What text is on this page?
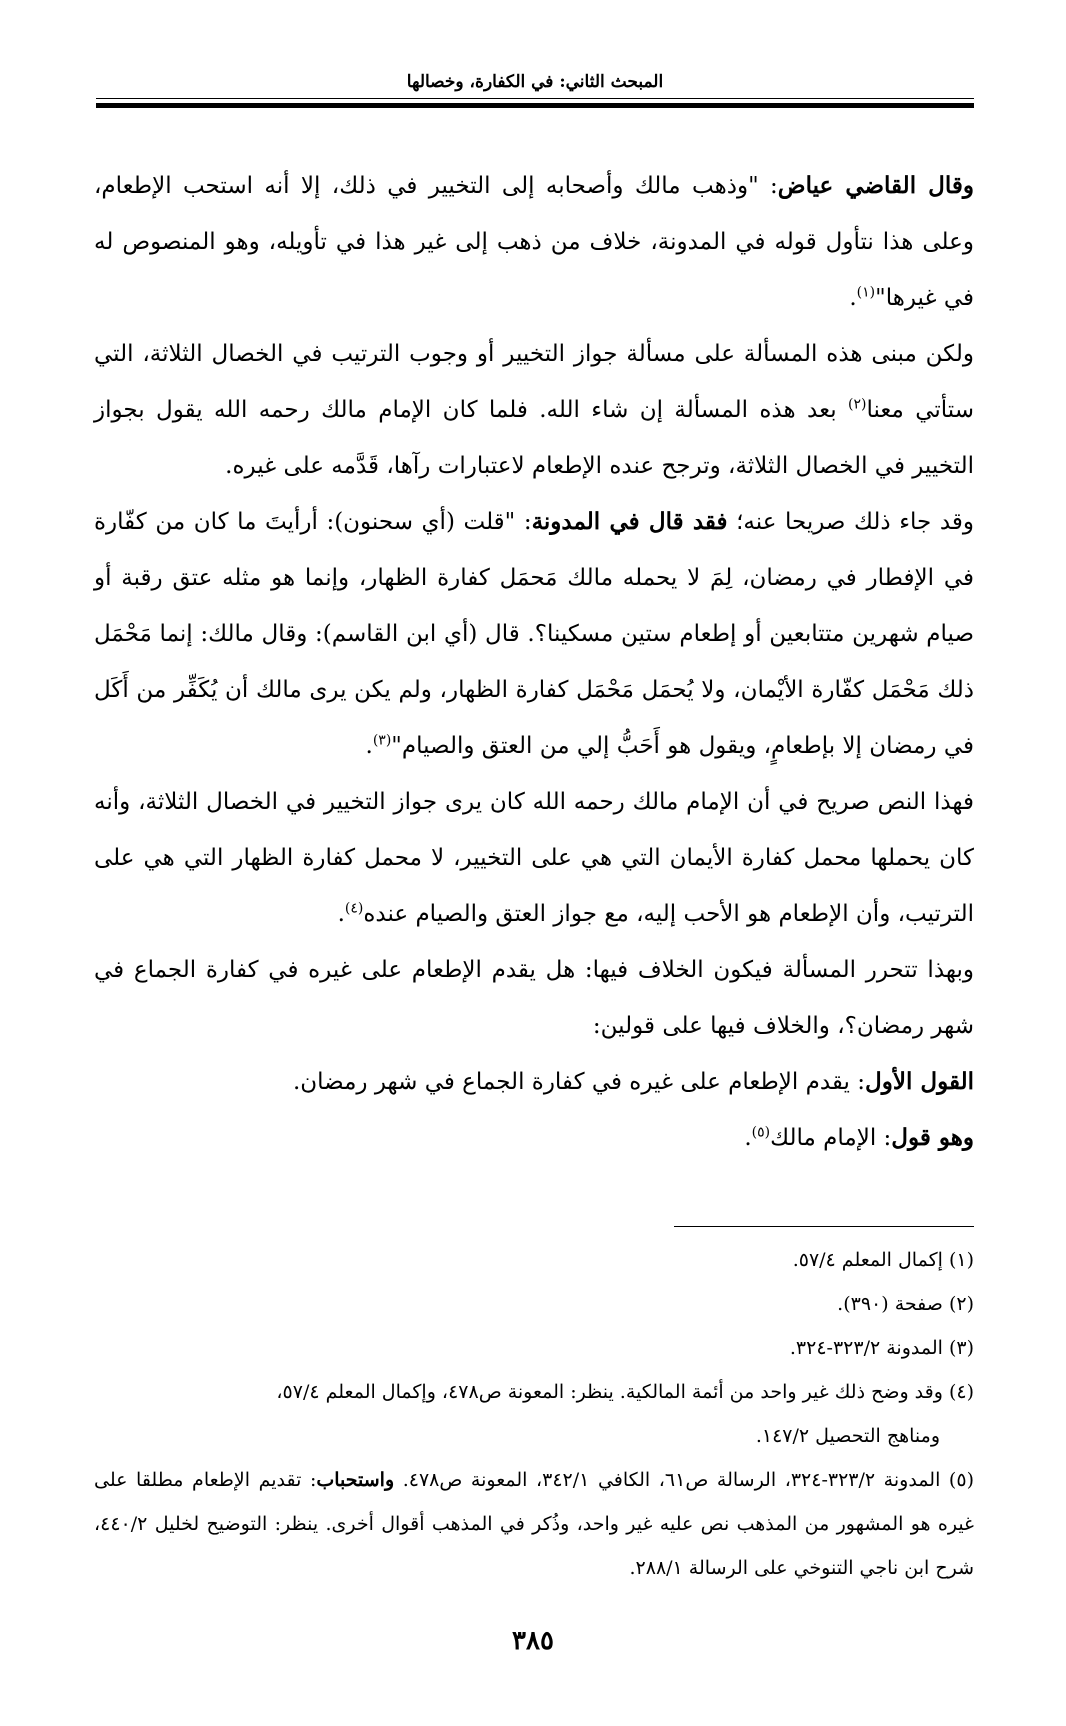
المبحث الثاني: في الكفارة، وخصالها

وقال القاضي عياض: "وذهب مالك وأصحابه إلى التخيير في ذلك، إلا أنه استحب الإطعام، وعلى هذا نتأول قوله في المدونة، خلاف من ذهب إلى غير هذا في تأويله، وهو المنصوص له في غيرها"$^{(١)}$.

ولكن مبنى هذه المسألة على مسألة جواز التخيير أو وجوب الترتيب في الخصال الثلاثة، التي ستأتي معنا$^{(٢)}$ بعد هذه المسألة إن شاء الله. فلما كان الإمام مالك رحمه الله يقول بجواز التخيير في الخصال الثلاثة، وترجح عنده الإطعام لاعتبارات رآها، قَدَّمه على غيره.

وقد جاء ذلك صريحا عنه؛ فقد قال في المدونة: "قلت (أي سحنون): أرأيتَ ما كان من كفّارة في الإفطار في رمضان، لِمَ لا يحمله مالك مَحمَل كفارة الظهار، وإنما هو مثله عتق رقبة أو صيام شهرين متتابعين أو إطعام ستين مسكينا؟. قال (أي ابن القاسم): وقال مالك: إنما مَحْمَل ذلك مَحْمَل كفّارة الأيْمان، ولا يُحمَل مَحْمَل كفارة الظهار، ولم يكن يرى مالك أن يُكَفِّر من أَكَل في رمضان إلا بإطعامٍ، ويقول هو أَحَبُّ إلي من العتق والصيام"$^{(٣)}$.

فهذا النص صريح في أن الإمام مالك رحمه الله كان يرى جواز التخيير في الخصال الثلاثة، وأنه كان يحملها محمل كفارة الأيمان التي هي على التخيير، لا محمل كفارة الظهار التي هي على الترتيب، وأن الإطعام هو الأحب إليه، مع جواز العتق والصيام عنده$^{(٤)}$.

وبهذا تتحرر المسألة فيكون الخلاف فيها: هل يقدم الإطعام على غيره في كفارة الجماع في شهر رمضان؟، والخلاف فيها على قولين:

القول الأول: يقدم الإطعام على غيره في كفارة الجماع في شهر رمضان.

وهو قول: الإمام مالك$^{(٥)}$.

(١) إكمال المعلم ٥٧/٤.

(٢) صفحة (٣٩٠).

(٣) المدونة ٣٢٣/٢-٣٢٤.

(٤) وقد وضح ذلك غير واحد من أئمة المالكية. ينظر: المعونة ص٤٧٨، وإكمال المعلم ٥٧/٤،

ومناهج التحصيل ١٤٧/٢.

(٥) المدونة ٣٢٣/٢-٣٢٤، الرسالة ص٦١، الكافي ٣٤٢/١، المعونة ص٤٧٨. واستحباب: تقديم الإطعام مطلقا على غيره هو المشهور من المذهب نص عليه غير واحد، وذُكر في المذهب أقوال أخرى. ينظر: التوضيح لخليل ٤٤٠/٢، شرح ابن ناجي التنوخي على الرسالة ٢٨٨/١.

٣٨٥
